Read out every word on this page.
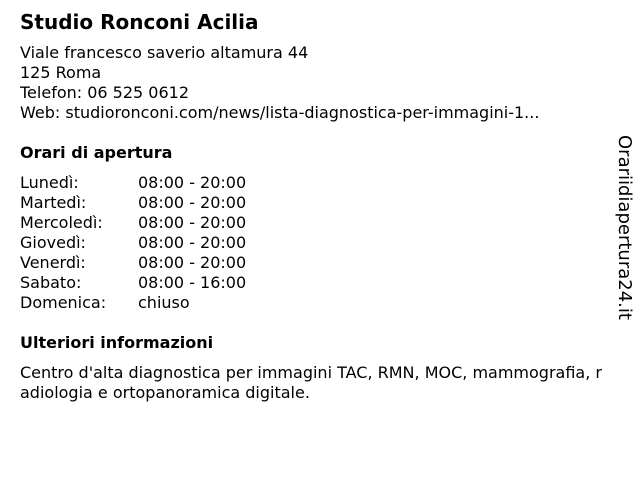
Studio Ronconi Acilia
Viale francesco saverio altamura 44
125 Roma
Telefon: 06 525 0612
Web: studioronconi.com/news/lista-diagnostica-per-immagini-1...
Orari di apertura
Lunedì:	08:00 - 20:00
Martedì:	08:00 - 20:00
Mercoledì:	08:00 - 20:00
Giovedì:	08:00 - 20:00
Venerdì:	08:00 - 20:00
Sabato:	08:00 - 16:00
Domenica:	chiuso
Ulteriori informazioni
Centro d'alta diagnostica per immagini TAC, RMN, MOC, mammografia, radiologia e ortopanoramica digitale.
Orariidiapertura24.it
